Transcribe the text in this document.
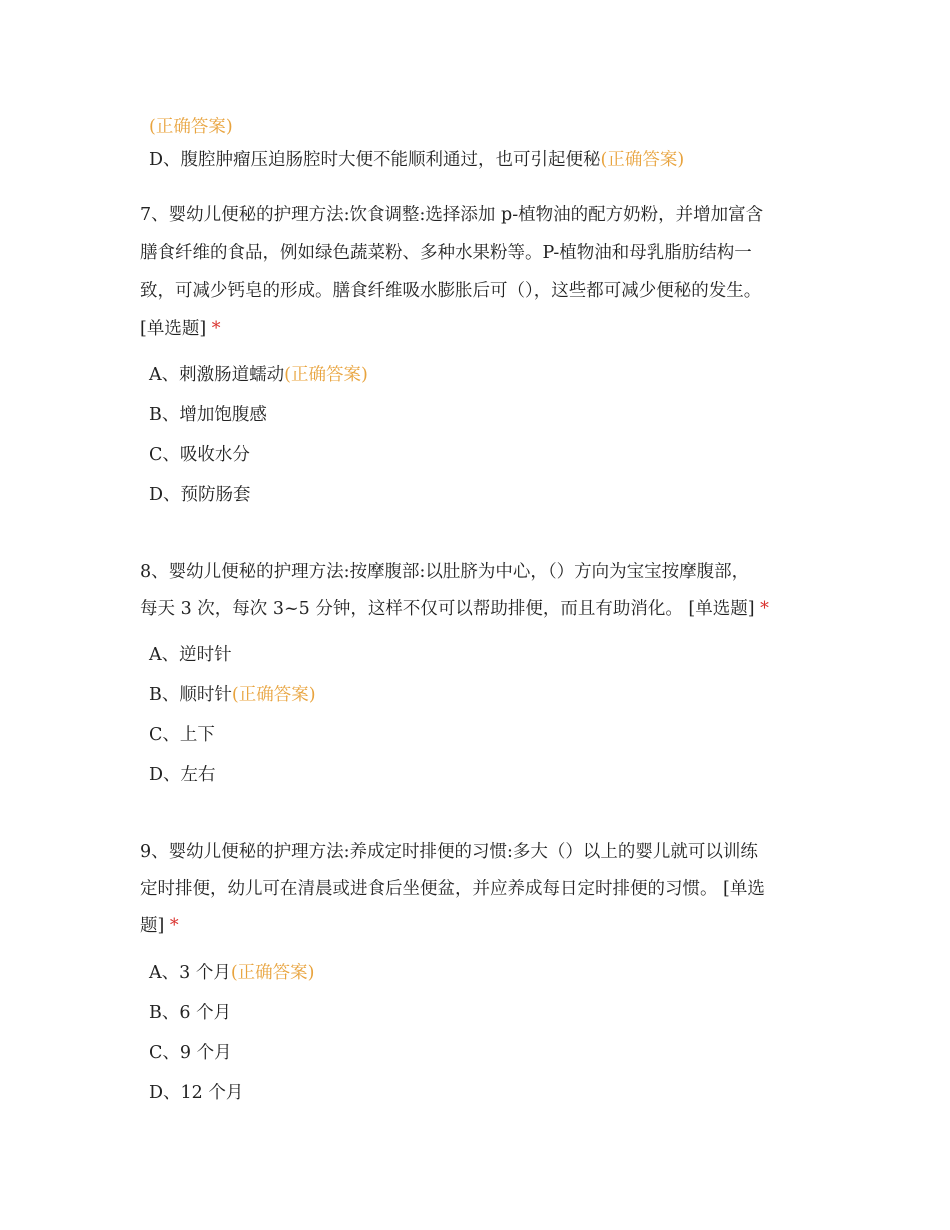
(正确答案)
D、腹腔肿瘤压迫肠腔时大便不能顺利通过，也可引起便秘(正确答案)
7、婴幼儿便秘的护理方法:饮食调整:选择添加 p-植物油的配方奶粉，并增加富含
膳食纤维的食品，例如绿色蔬菜粉、多种水果粉等。P-植物油和母乳脂肪结构一
致，可减少钙皂的形成。膳食纤维吸水膨胀后可（），这些都可减少便秘的发生。
[单选题] *
A、刺激肠道蠕动(正确答案)
B、增加饱腹感
C、吸收水分
D、预防肠套
8、婴幼儿便秘的护理方法:按摩腹部:以肚脐为中心，（）方向为宝宝按摩腹部，
每天 3 次，每次 3~5 分钟，这样不仅可以帮助排便，而且有助消化。 [单选题] *
A、逆时针
B、顺时针(正确答案)
C、上下
D、左右
9、婴幼儿便秘的护理方法:养成定时排便的习惯:多大（）以上的婴儿就可以训练
定时排便，幼儿可在清晨或进食后坐便盆，并应养成每日定时排便的习惯。 [单选
题] *
A、3 个月(正确答案)
B、6 个月
C、9 个月
D、12 个月
